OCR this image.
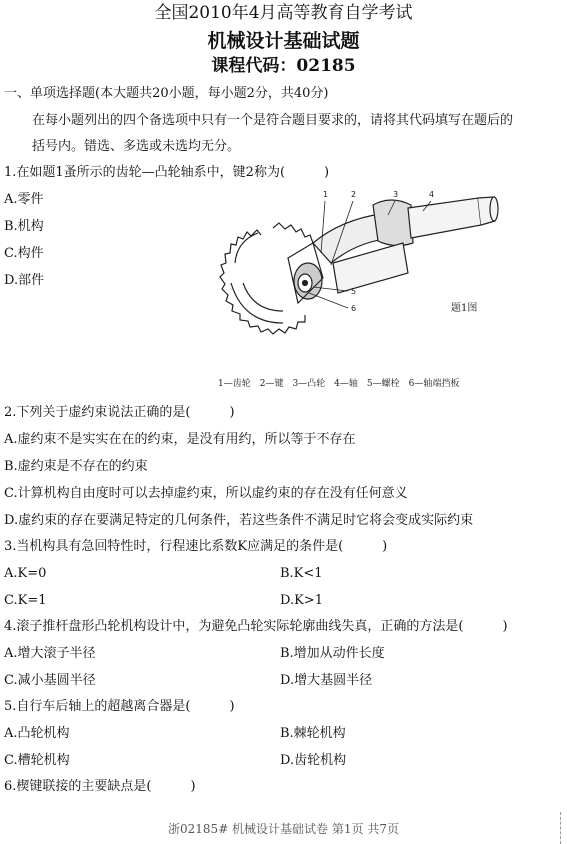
全国2010年4月高等教育自学考试
机械设计基础试题
课程代码：02185
一、单项选择题(本大题共20小题，每小题2分，共40分)
在每小题列出的四个备选项中只有一个是符合题目要求的，请将其代码填写在题后的
括号内。错选、多选或未选均无分。
1.在如题1蚤所示的齿轮—凸轮轴系中，键2称为(　　　)
A.零件
B.机构
C.构件
D.部件
1	2	3	4
5
6	题1图
1—齿轮　2—键　3—凸轮　4—轴　5—螺栓　6—轴端挡板
2.下列关于虚约束说法正确的是(　　　)
A.虚约束不是实实在在的约束，是没有用约，所以等于不存在
B.虚约束是不存在的约束
C.计算机构自由度时可以去掉虚约束，所以虚约束的存在没有任何意义
D.虚约束的存在要满足特定的几何条件，若这些条件不满足时它将会变成实际约束
3.当机构具有急回特性时，行程速比系数K应满足的条件是(　　　)
A.K=0	B.K<1
C.K=1	D.K>1
4.滚子推杆盘形凸轮机构设计中，为避免凸轮实际轮廓曲线失真，正确的方法是(　　　)
A.增大滚子半径	B.增加从动件长度
C.减小基圆半径	D.增大基圆半径
5.自行车后轴上的超越离合器是(　　　)
A.凸轮机构	B.棘轮机构
C.槽轮机构	D.齿轮机构
6.楔键联接的主要缺点是(　　　)
浙02185# 机械设计基础试卷 第1页 共7页
